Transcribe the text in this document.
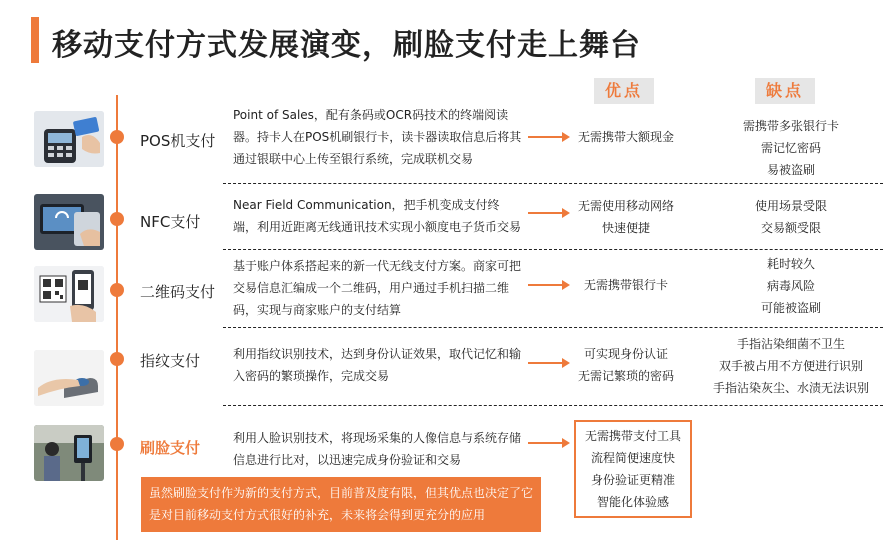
移动支付方式发展演变，刷脸支付走上舞台
优点	缺点
POS机支付
NFC支付
二维码支付
指纹支付
刷脸支付
Point of Sales，配有条码或OCR码技术的终端阅读器。持卡人在POS机刷银行卡，读卡器读取信息后将其通过银联中心上传至银行系统，完成联机交易
Near Field Communication，把手机变成支付终端，利用近距离无线通讯技术实现小额度电子货币交易
基于账户体系搭起来的新一代无线支付方案。商家可把交易信息汇编成一个二维码，用户通过手机扫描二维码，实现与商家账户的支付结算
利用指纹识别技术，达到身份认证效果，取代记忆和输入密码的繁琐操作，完成交易
利用人脸识别技术，将现场采集的人像信息与系统存储信息进行比对，以迅速完成身份验证和交易
无需携带大额现金
无需使用移动网络
快速便捷
无需携带银行卡
可实现身份认证
无需记繁琐的密码
无需携带支付工具
流程简便速度快
身份验证更精准
智能化体验感
需携带多张银行卡
需记忆密码
易被盗刷
使用场景受限
交易额受限
耗时较久
病毒风险
可能被盗刷
手指沾染细菌不卫生
双手被占用不方便进行识别
手指沾染灰尘、水渍无法识别
虽然刷脸支付作为新的支付方式，目前普及度有限，但其优点也决定了它是对目前移动支付方式很好的补充，未来将会得到更充分的应用
